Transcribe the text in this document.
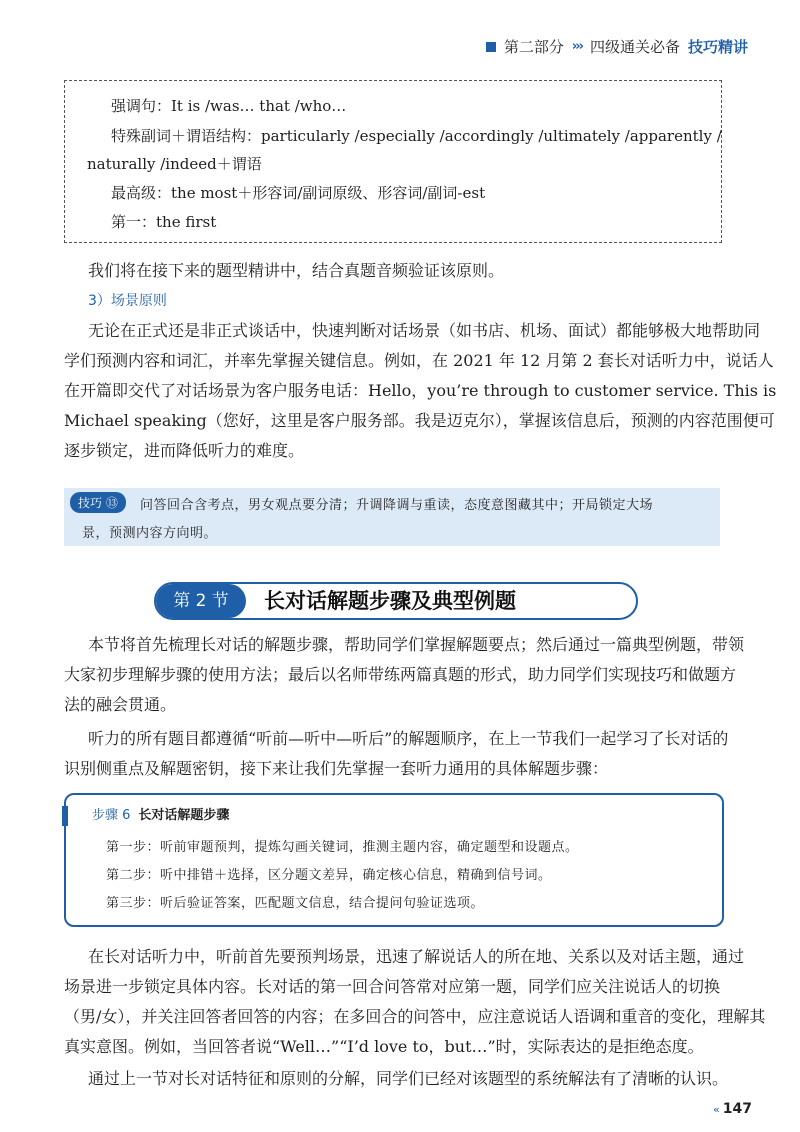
第二部分 ››› 四级通关必备 技巧精讲
强调句：It is /was… that /who…
特殊副词＋谓语结构：particularly /especially /accordingly /ultimately /apparently /
naturally /indeed＋谓语
最高级：the most＋形容词/副词原级、形容词/副词-est
第一：the first
我们将在接下来的题型精讲中，结合真题音频验证该原则。
3）场景原则
无论在正式还是非正式谈话中，快速判断对话场景（如书店、机场、面试）都能够极大地帮助同
学们预测内容和词汇，并率先掌握关键信息。例如，在 2021 年 12 月第 2 套长对话听力中，说话人
在开篇即交代了对话场景为客户服务电话：Hello，you’re through to customer service. This is
Michael speaking（您好，这里是客户服务部。我是迈克尔），掌握该信息后，预测的内容范围便可
逐步锁定，进而降低听力的难度。
技巧 ⑬	问答回合含考点，男女观点要分清；升调降调与重读，态度意图藏其中；开局锁定大场
景，预测内容方向明。
第 2 节	长对话解题步骤及典型例题
本节将首先梳理长对话的解题步骤，帮助同学们掌握解题要点；然后通过一篇典型例题，带领
大家初步理解步骤的使用方法；最后以名师带练两篇真题的形式，助力同学们实现技巧和做题方
法的融会贯通。
听力的所有题目都遵循“听前—听中—听后”的解题顺序，在上一节我们一起学习了长对话的
识别侧重点及解题密钥，接下来让我们先掌握一套听力通用的具体解题步骤：
步骤 6 长对话解题步骤
第一步：听前审题预判，提炼勾画关键词，推测主题内容，确定题型和设题点。
第二步：听中排错＋选择，区分题文差异，确定核心信息，精确到信号词。
第三步：听后验证答案，匹配题文信息，结合提问句验证选项。
在长对话听力中，听前首先要预判场景，迅速了解说话人的所在地、关系以及对话主题，通过
场景进一步锁定具体内容。长对话的第一回合问答常对应第一题，同学们应关注说话人的切换
（男/女），并关注回答者回答的内容；在多回合的问答中，应注意说话人语调和重音的变化，理解其
真实意图。例如，当回答者说“Well…”“I’d love to，but…”时，实际表达的是拒绝态度。
通过上一节对长对话特征和原则的分解，同学们已经对该题型的系统解法有了清晰的认识。
‹‹ 147
